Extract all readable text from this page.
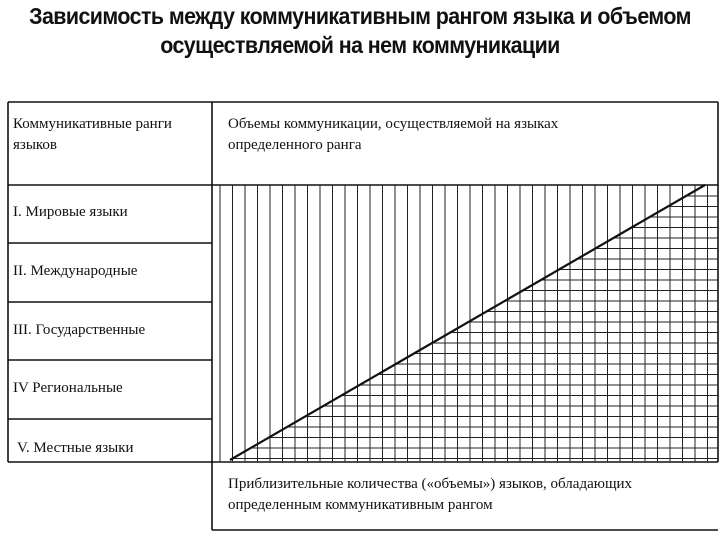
Зависимость между коммуникативным рангом языка и объемом
осуществляемой на нем коммуникации
Коммуникативные ранги
языков
Объемы коммуникации, осуществляемой на языках
определенного ранга
I. Мировые языки
II. Международные
III. Государственные
IV Региональные
V. Местные языки
Приблизительные количества («объемы») языков, обладающих
определенным коммуникативным рангом
